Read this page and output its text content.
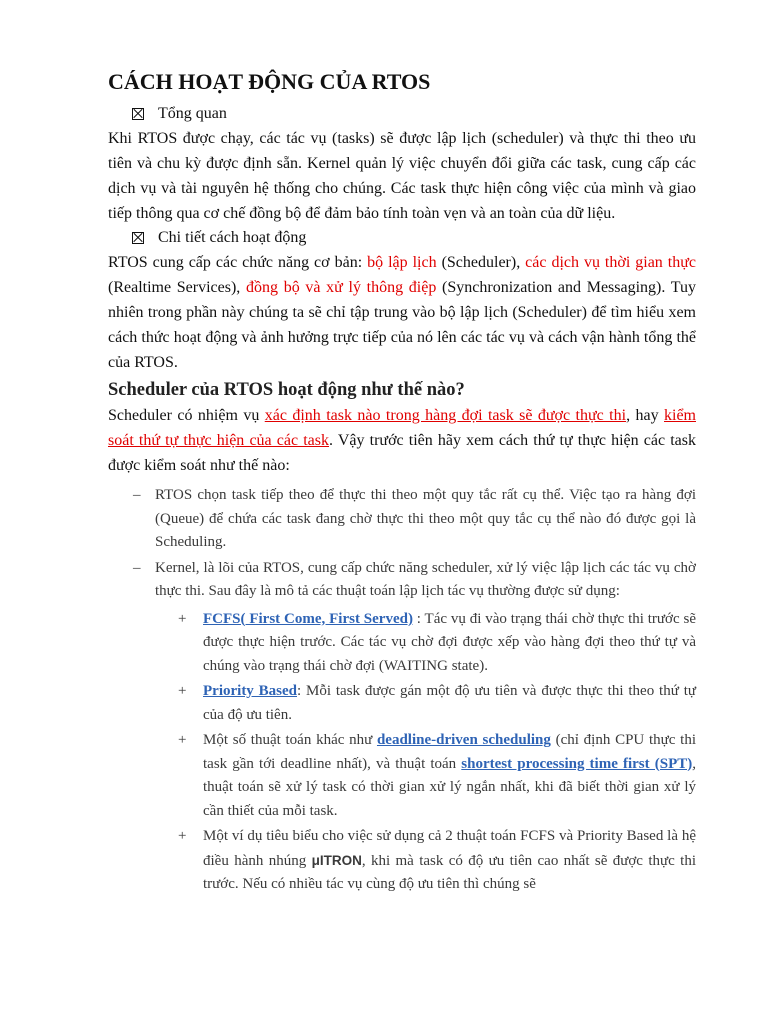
CÁCH HOẠT ĐỘNG CỦA RTOS
Tổng quan

Khi RTOS được chạy, các tác vụ (tasks) sẽ được lập lịch (scheduler) và thực thi theo ưu tiên và chu kỳ được định sẵn. Kernel quản lý việc chuyển đổi giữa các task, cung cấp các dịch vụ và tài nguyên hệ thống cho chúng. Các task thực hiện công việc của mình và giao tiếp thông qua cơ chế đồng bộ để đảm bảo tính toàn vẹn và an toàn của dữ liệu.

Chi tiết cách hoạt động

RTOS cung cấp các chức năng cơ bản: bộ lập lịch (Scheduler), các dịch vụ thời gian thực (Realtime Services), đồng bộ và xử lý thông điệp (Synchronization and Messaging). Tuy nhiên trong phần này chúng ta sẽ chỉ tập trung vào bộ lập lịch (Scheduler) để tìm hiểu xem cách thức hoạt động và ảnh hưởng trực tiếp của nó lên các tác vụ và cách vận hành tổng thể của RTOS.

Scheduler của RTOS hoạt động như thế nào?

Scheduler có nhiệm vụ xác định task nào trong hàng đợi task sẽ được thực thi, hay kiểm soát thứ tự thực hiện của các task. Vậy trước tiên hãy xem cách thứ tự thực hiện các task được kiểm soát như thế nào:

– RTOS chọn task tiếp theo để thực thi theo một quy tắc rất cụ thể. Việc tạo ra hàng đợi (Queue) để chứa các task đang chờ thực thi theo một quy tắc cụ thể nào đó được gọi là Scheduling.
– Kernel, là lõi của RTOS, cung cấp chức năng scheduler, xử lý việc lập lịch các tác vụ chờ thực thi. Sau đây là mô tả các thuật toán lập lịch tác vụ thường được sử dụng:
+ FCFS( First Come, First Served) : Tác vụ đi vào trạng thái chờ thực thi trước sẽ được thực hiện trước. Các tác vụ chờ đợi được xếp vào hàng đợi theo thứ tự và chúng vào trạng thái chờ đợi (WAITING state).
+ Priority Based: Mỗi task được gán một độ ưu tiên và được thực thi theo thứ tự của độ ưu tiên.
+ Một số thuật toán khác như deadline-driven scheduling (chỉ định CPU thực thi task gần tới deadline nhất), và thuật toán shortest processing time first (SPT), thuật toán sẽ xử lý task có thời gian xử lý ngắn nhất, khi đã biết thời gian xử lý cần thiết của mỗi task.
+ Một ví dụ tiêu biểu cho việc sử dụng cả 2 thuật toán FCFS và Priority Based là hệ điều hành nhúng μITRON, khi mà task có độ ưu tiên cao nhất sẽ được thực thi trước. Nếu có nhiều tác vụ cùng độ ưu tiên thì chúng sẽ
